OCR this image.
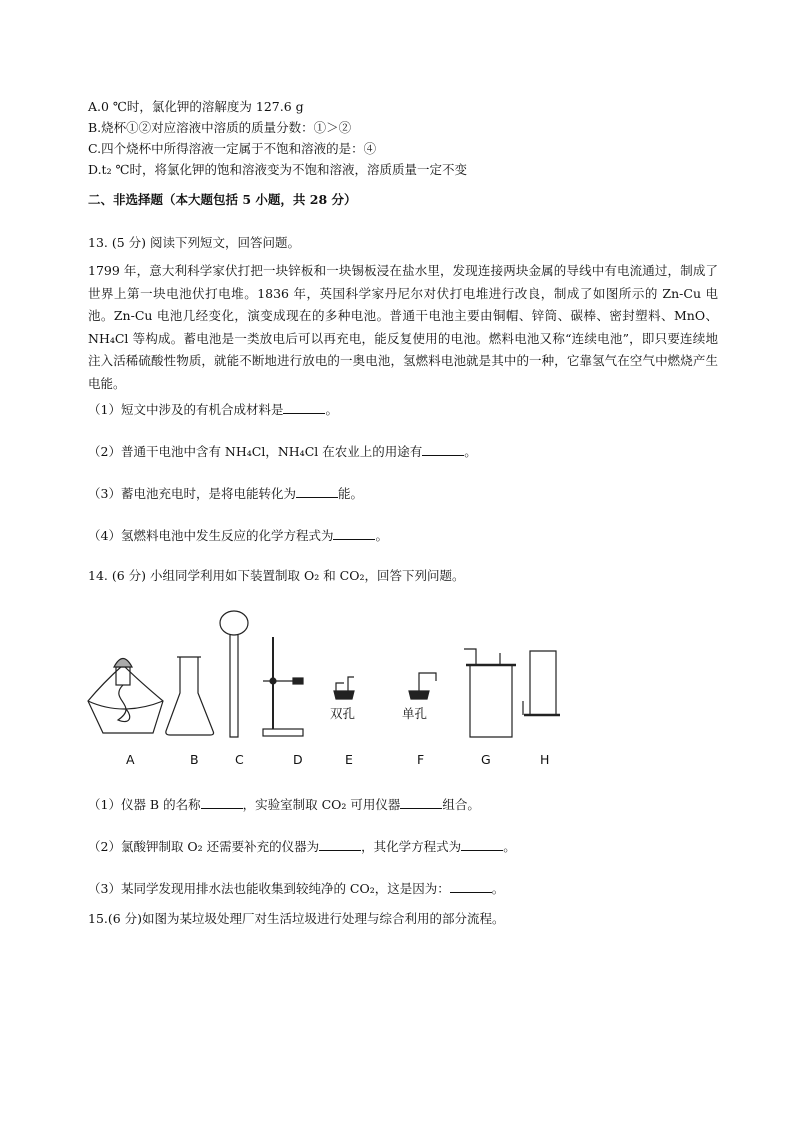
A.0 ℃时，氯化钾的溶解度为 127.6 g
B.烧杯①②对应溶液中溶质的质量分数：①＞②
C.四个烧杯中所得溶液一定属于不饱和溶液的是：④
D.t₂ ℃时，将氯化钾的饱和溶液变为不饱和溶液，溶质质量一定不变
二、非选择题（本大题包括 5 小题，共 28 分）
13. (5 分) 阅读下列短文，回答问题。
1799 年，意大利科学家伏打把一块锌板和一块锡板浸在盐水里，发现连接两块金属的导线中有电流通过，制成了世界上第一块电池伏打电堆。1836 年，英国科学家丹尼尔对伏打电堆进行改良，制成了如图所示的 Zn-Cu 电池。Zn-Cu 电池几经变化，演变成现在的多种电池。普通干电池主要由铜帽、锌筒、碳棒、密封塑料、MnO、NH₄Cl 等构成。蓄电池是一类放电后可以再充电，能反复使用的电池。燃料电池又称“连续电池”，即只要连续地注入活稀硫酸性物质，就能不断地进行放电的一奥电池，氢燃料电池就是其中的一种，它靠氢气在空气中燃烧产生电能。
（1）短文中涉及的有机合成材料是	。
（2）普通干电池中含有 NH₄Cl，NH₄Cl 在农业上的用途有	。
（3）蓄电池充电时，是将电能转化为	能。
（4）氢燃料电池中发生反应的化学方程式为	。
14. (6 分) 小组同学利用如下装置制取 O₂ 和 CO₂，回答下列问题。
双孔	单孔
A	B	C	D	E	F	G	H
（1）仪器 B 的名称	，实验室制取 CO₂ 可用仪器	组合。
（2）氯酸钾制取 O₂ 还需要补充的仪器为	，其化学方程式为	。
（3）某同学发现用排水法也能收集到较纯净的 CO₂，这是因为：	。
15.(6 分)如图为某垃圾处理厂对生活垃圾进行处理与综合利用的部分流程。
